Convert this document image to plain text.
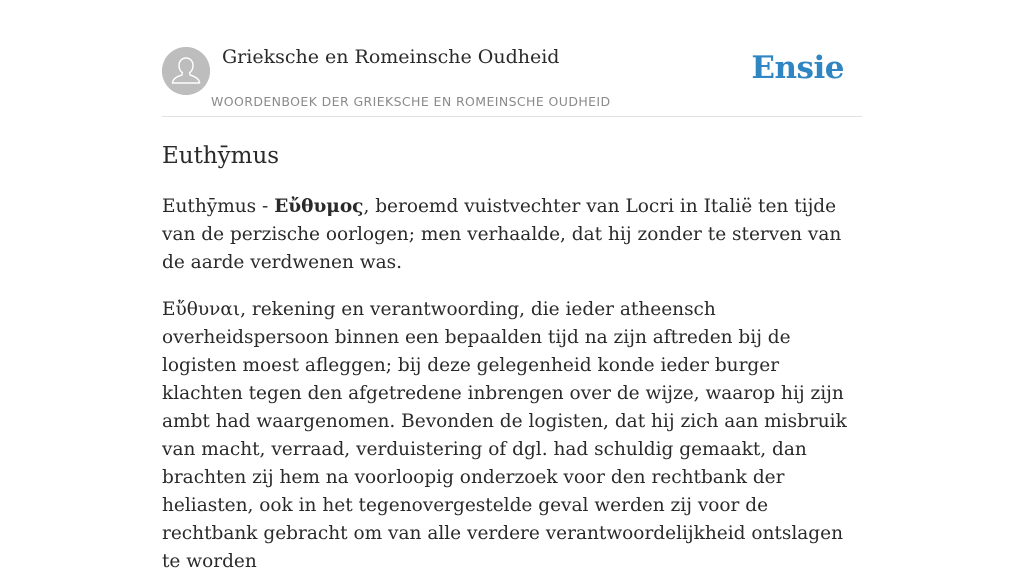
Grieksche en Romeinsche Oudheid
WOORDENBOEK DER GRIEKSCHE EN ROMEINSCHE OUDHEID
Ensie
Euthȳmus

Euthȳmus - Εὔθυμος, beroemd vuistvechter van Locri in Italië ten tijde van de perzische oorlogen; men verhaalde, dat hij zonder te sterven van de aarde verdwenen was.

Εὔθυναι, rekening en verantwoording, die ieder atheensch overheidspersoon binnen een bepaalden tijd na zijn aftreden bij de logisten moest afleggen; bij deze gelegenheid konde ieder burger klachten tegen den afgetredene inbrengen over de wijze, waarop hij zijn ambt had waargenomen. Bevonden de logisten, dat hij zich aan misbruik van macht, verraad, verduistering of dgl. had schuldig gemaakt, dan brachten zij hem na voorloopig onderzoek voor den rechtbank der heliasten, ook in het tegenovergestelde geval werden zij voor de rechtbank gebracht om van alle verdere verantwoordelijkheid ontslagen te worden
